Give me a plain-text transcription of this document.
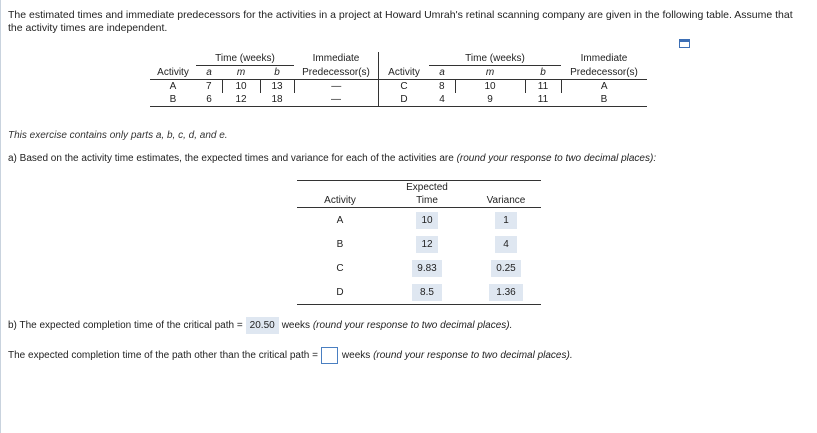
The estimated times and immediate predecessors for the activities in a project at Howard Umrah's retinal scanning company are given in the following table. Assume that the activity times are independent.
	Time (weeks)			Immediate		Time (weeks)			Immediate
Activity	a	m	b	Predecessor(s)	Activity	a	m	b	Predecessor(s)
A	7	10	13	—	C	8	10	11	A
B	6	12	18	—	D	4	9	11	B
This exercise contains only parts a, b, c, d, and e.
a) Based on the activity time estimates, the expected times and variance for each of the activities are (round your response to two decimal places):
	Expected	
Activity	Time	Variance
A	10	1
B	12	4
C	9.83	0.25
D	8.5	1.36
b) The expected completion time of the critical path = 20.50 weeks (round your response to two decimal places).
The expected completion time of the path other than the critical path = weeks
(round your response to two decimal places).
